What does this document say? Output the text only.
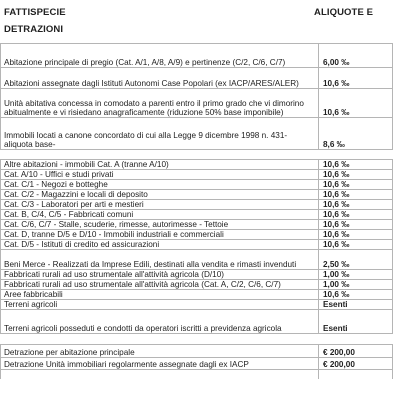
FATTISPECIE
DETRAZIONI
ALIQUOTE E

Abitazione principale di pregio (Cat. A/1, A/8, A/9) e pertinenze (C/2, C/6, C/7)	6,00 ‰
Abitazioni assegnate dagli Istituti Autonomi Case Popolari (ex IACP/ARES/ALER)	10,6 ‰
Unità abitativa concessa in comodato a parenti entro il primo grado che vi dimorino abitualmente e vi risiedano anagraficamente (riduzione 50% base imponibile)	10,6 ‰
Immobili locati a canone concordato di cui alla Legge 9 dicembre 1998 n. 431-
aliquota base-	8,6 ‰

Altre abitazioni - immobili Cat. A (tranne A/10)	10,6 ‰
Cat. A/10 - Uffici e studi privati	10,6 ‰
Cat. C/1 - Negozi e botteghe	10,6 ‰
Cat. C/2 - Magazzini e locali di deposito	10,6 ‰
Cat. C/3 - Laboratori per arti e mestieri	10,6 ‰
Cat. B, C/4, C/5 - Fabbricati comuni	10,6 ‰
Cat. C/6, C/7 - Stalle, scuderie, rimesse, autorimesse - Tettoie	10,6 ‰
Cat. D, tranne D/5 e D/10 - Immobili industriali e commerciali	10,6 ‰
Cat. D/5 - Istituti di credito ed assicurazioni	10,6 ‰
Beni Merce - Realizzati da Imprese Edili, destinati alla vendita e rimasti invenduti	2,50 ‰
Fabbricati rurali ad uso strumentale all'attività agricola (D/10)	1,00 ‰
Fabbricati rurali ad uso strumentale all'attività agricola (Cat. A, C/2, C/6, C/7)	1,00 ‰
Aree fabbricabili	10,6 ‰
Terreni agricoli	Esenti
Terreni agricoli posseduti e condotti da operatori iscritti a previdenza agricola	Esenti

Detrazione per abitazione principale	€ 200,00
Detrazione Unità immobiliari regolarmente assegnate dagli ex IACP	€ 200,00
